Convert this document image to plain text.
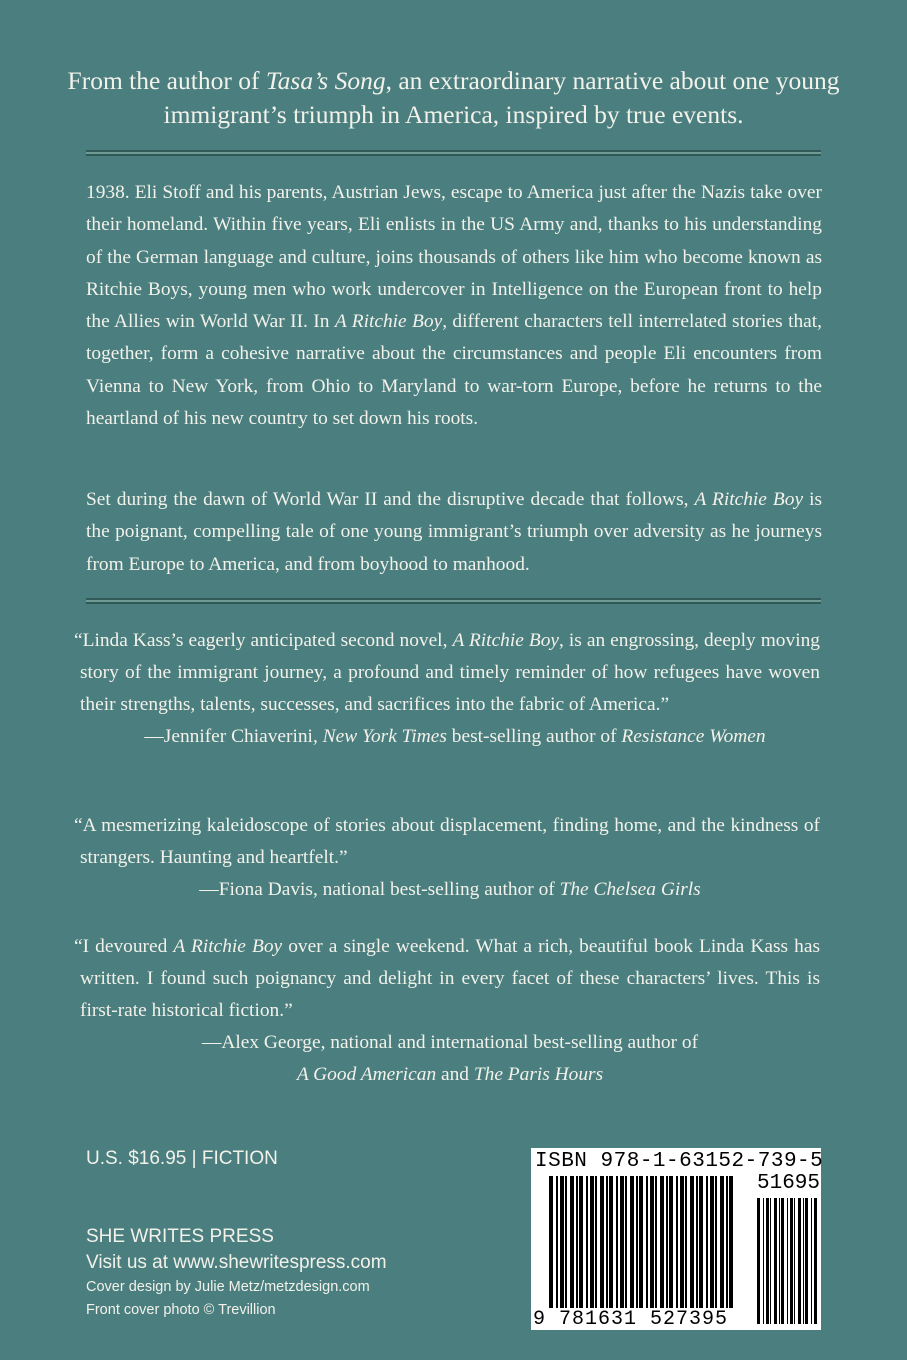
From the author of Tasa’s Song, an extraordinary narrative about one young immigrant’s triumph in America, inspired by true events.

1938. Eli Stoff and his parents, Austrian Jews, escape to America just after the Nazis take over their homeland. Within five years, Eli enlists in the US Army and, thanks to his understanding of the German language and culture, joins thousands of others like him who become known as Ritchie Boys, young men who work undercover in Intelligence on the European front to help the Allies win World War II. In A Ritchie Boy, different characters tell interrelated stories that, together, form a cohesive narrative about the circumstances and people Eli encounters from Vienna to New York, from Ohio to Maryland to war-torn Europe, before he returns to the heartland of his new country to set down his roots.

Set during the dawn of World War II and the disruptive decade that follows, A Ritchie Boy is the poignant, compelling tale of one young immigrant’s triumph over adversity as he journeys from Europe to America, and from boyhood to manhood.

“Linda Kass’s eagerly anticipated second novel, A Ritchie Boy, is an engrossing, deeply moving story of the immigrant journey, a profound and timely reminder of how refugees have woven their strengths, talents, successes, and sacrifices into the fabric of America.”

—Jennifer Chiaverini, New York Times best-selling author of Resistance Women

“A mesmerizing kaleidoscope of stories about displacement, finding home, and the kindness of strangers. Haunting and heartfelt.”

—Fiona Davis, national best-selling author of The Chelsea Girls

“I devoured A Ritchie Boy over a single weekend. What a rich, beautiful book Linda Kass has written. I found such poignancy and delight in every facet of these characters’ lives. This is first-rate historical fiction.”

—Alex George, national and international best-selling author of

A Good American and The Paris Hours

U.S. $16.95 | FICTION
SHE WRITES PRESS
Visit us at www.shewritespress.com
Cover design by Julie Metz/metzdesign.com
Front cover photo © Trevillion
ISBN 978-1-63152-739-5
51695
9 781631 527395
